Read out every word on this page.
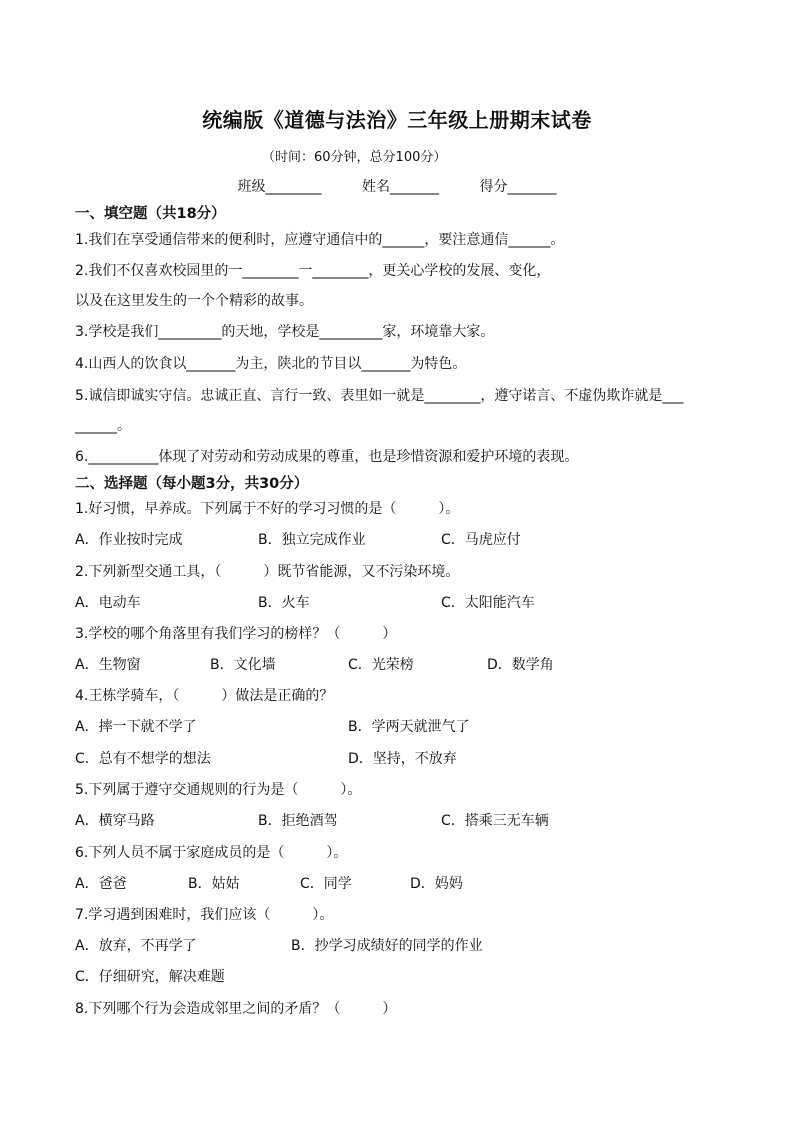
统编版《道德与法治》三年级上册期末试卷
（时间：60分钟，总分100分）
班级________	姓名_______	得分_______
一、填空题（共18分）
1.我们在享受通信带来的便利时，应遵守通信中的______，要注意通信______。
2.我们不仅喜欢校园里的一________一________，更关心学校的发展、变化，
以及在这里发生的一个个精彩的故事。
3.学校是我们_________的天地，学校是_________家，环境靠大家。
4.山西人的饮食以_______为主，陕北的节目以_______为特色。
5.诚信即诚实守信。忠诚正直、言行一致、表里如一就是________，遵守诺言、不虚伪欺诈就是___
______。
6.__________体现了对劳动和劳动成果的尊重，也是珍惜资源和爱护环境的表现。
二、选择题（每小题3分，共30分）
1.好习惯，早养成。下列属于不好的学习习惯的是（　　　）。
A．作业按时完成	B．独立完成作业	C．马虎应付
2.下列新型交通工具，（　　　）既节省能源，又不污染环境。
A．电动车	B．火车	C．太阳能汽车
3.学校的哪个角落里有我们学习的榜样？（　　　）
A．生物窗	B．文化墙	C．光荣榜	D．数学角
4.王栋学骑车，（　　　）做法是正确的？
A．摔一下就不学了	B．学两天就泄气了
C．总有不想学的想法	D．坚持，不放弃
5.下列属于遵守交通规则的行为是（　　　）。
A．横穿马路	B．拒绝酒驾	C．搭乘三无车辆
6.下列人员不属于家庭成员的是（　　　）。
A．爸爸	B．姑姑	C．同学	D．妈妈
7.学习遇到困难时，我们应该（　　　）。
A．放弃，不再学了	B．抄学习成绩好的同学的作业
C．仔细研究，解决难题
8.下列哪个行为会造成邻里之间的矛盾？（　　　）
